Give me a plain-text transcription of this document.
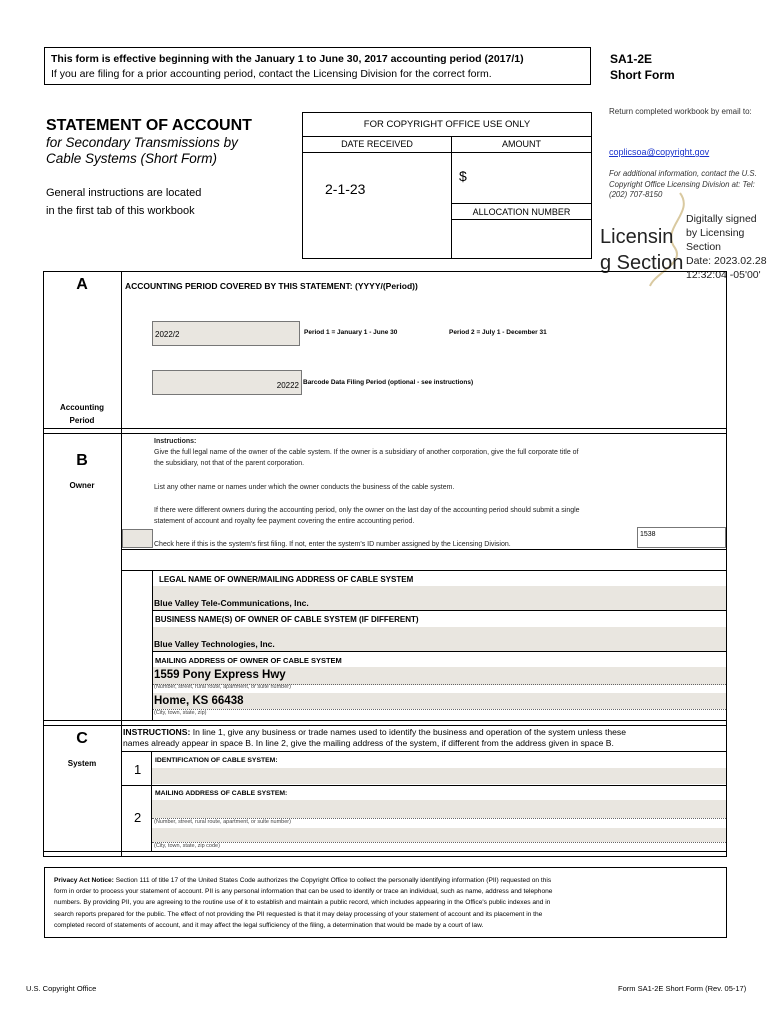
This form is effective beginning with the January 1 to June 30, 2017 accounting period (2017/1)
If you are filing for a prior accounting period, contact the Licensing Division for the correct form.
SA1-2E
Short Form
STATEMENT OF ACCOUNT
for Secondary Transmissions by
Cable Systems (Short Form)
General instructions are located
in the first tab of this workbook
FOR COPYRIGHT OFFICE USE ONLY
DATE RECEIVED	AMOUNT
2-1-23
$
ALLOCATION NUMBER
Return completed workbook by email to:
coplicsoa@copyright.gov
For additional information, contact the U.S. Copyright Office Licensing Division at: Tel: (202) 707-8150
Licensin
g Section
Digitally signed
by Licensing
Section
Date: 2023.02.28
12:32:04 -05'00'
A
Accounting
Period
ACCOUNTING PERIOD COVERED BY THIS STATEMENT: (YYYY/(Period))
2022/2	Period 1 = January 1 - June 30	Period 2 = July 1 - December 31
20222 Barcode Data Filing Period (optional - see instructions)
B
Owner
Instructions:
Give the full legal name of the owner of the cable system. If the owner is a subsidiary of another corporation, give the full corporate title of
the subsidiary, not that of the parent corporation.
List any other name or names under which the owner conducts the business of the cable system.
If there were different owners during the accounting period, only the owner on the last day of the accounting period should submit a single
statement of account and royalty fee payment covering the entire accounting period.
Check here if this is the system's first filing. If not, enter the system's ID number assigned by the Licensing Division.
1538
LEGAL NAME OF OWNER/MAILING ADDRESS OF CABLE SYSTEM
Blue Valley Tele-Communications, Inc.
BUSINESS NAME(S) OF OWNER OF CABLE SYSTEM (IF DIFFERENT)
Blue Valley Technologies, Inc.
MAILING ADDRESS OF OWNER OF CABLE SYSTEM
1559 Pony Express Hwy
(Number, street, rural route, apartment, or suite number)
Home, KS 66438
(City, town, state, zip)
C
System
INSTRUCTIONS: In line 1, give any business or trade names used to identify the business and operation of the system unless these
names already appear in space B. In line 2, give the mailing address of the system, if different from the address given in space B.
1
IDENTIFICATION OF CABLE SYSTEM:
2
MAILING ADDRESS OF CABLE SYSTEM:
(Number, street, rural route, apartment, or suite number)
(City, town, state, zip code)
Privacy Act Notice: Section 111 of title 17 of the United States Code authorizes the Copyright Office to collect the personally identifying information (PII) requested on this
form in order to process your statement of account. PII is any personal information that can be used to identify or trace an individual, such as name, address and telephone
numbers. By providing PII, you are agreeing to the routine use of it to establish and maintain a public record, which includes appearing in the Office's public indexes and in
search reports prepared for the public. The effect of not providing the PII requested is that it may delay processing of your statement of account and its placement in the
completed record of statements of account, and it may affect the legal sufficiency of the filing, a determination that would be made by a court of law.
U.S. Copyright Office	Form SA1-2E Short Form (Rev. 05-17)
